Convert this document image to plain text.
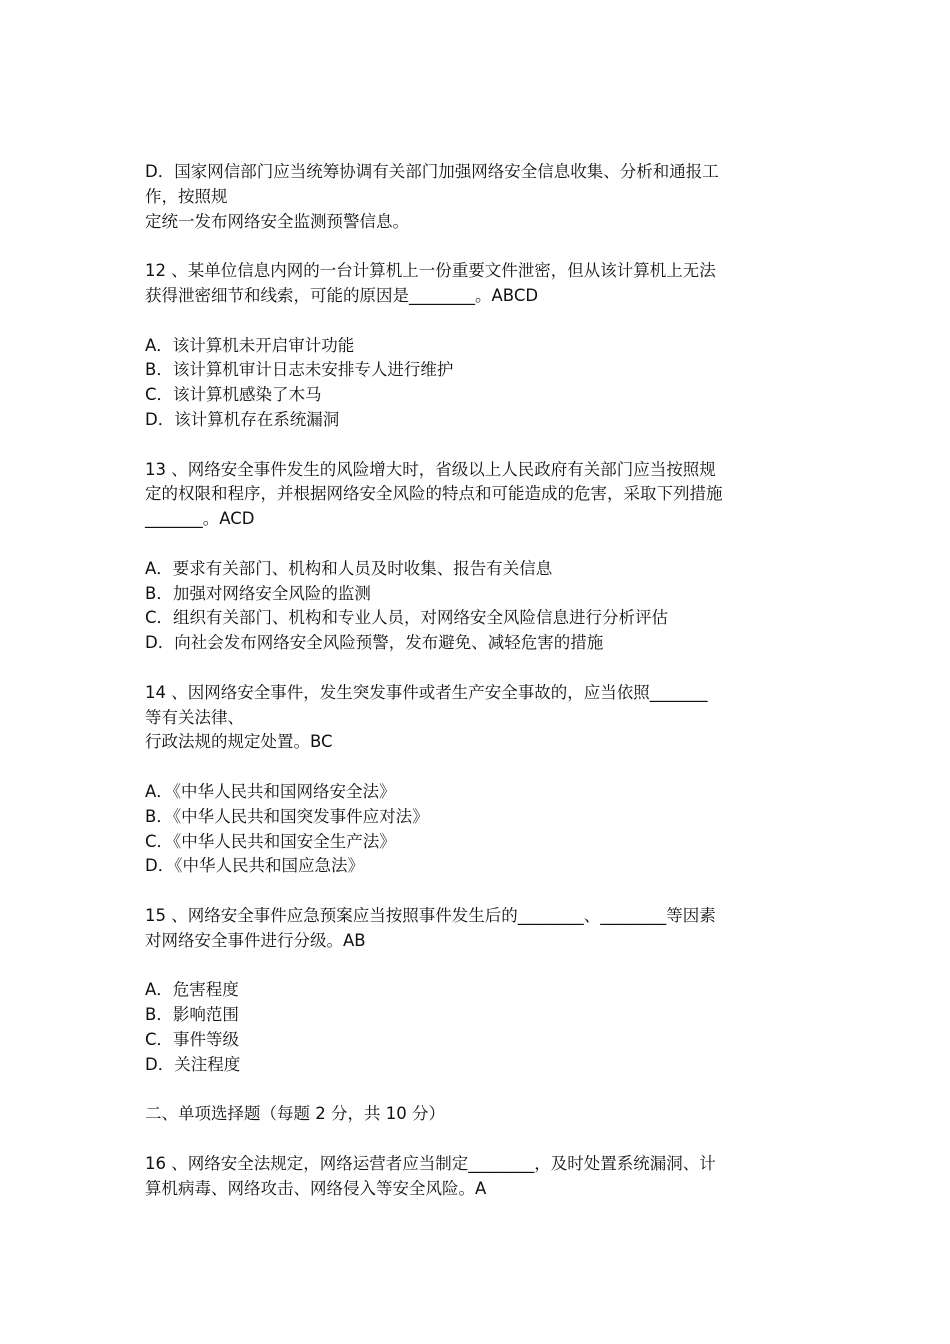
D．国家网信部门应当统筹协调有关部门加强网络安全信息收集、分析和通报工
作，按照规
定统一发布网络安全监测预警信息。
12 、某单位信息内网的一台计算机上一份重要文件泄密，但从该计算机上无法
获得泄密细节和线索，可能的原因是________。ABCD
A．该计算机未开启审计功能
B．该计算机审计日志未安排专人进行维护
C．该计算机感染了木马
D．该计算机存在系统漏洞
13 、网络安全事件发生的风险增大时，省级以上人民政府有关部门应当按照规
定的权限和程序，并根据网络安全风险的特点和可能造成的危害，采取下列措施
_______。ACD
A．要求有关部门、机构和人员及时收集、报告有关信息
B．加强对网络安全风险的监测
C．组织有关部门、机构和专业人员，对网络安全风险信息进行分析评估
D．向社会发布网络安全风险预警，发布避免、减轻危害的措施
14 、因网络安全事件，发生突发事件或者生产安全事故的，应当依照_______
等有关法律、
行政法规的规定处置。BC
A．《中华人民共和国网络安全法》
B．《中华人民共和国突发事件应对法》
C．《中华人民共和国安全生产法》
D．《中华人民共和国应急法》
15 、网络安全事件应急预案应当按照事件发生后的________、________等因素
对网络安全事件进行分级。AB
A．危害程度
B．影响范围
C．事件等级
D．关注程度
二、单项选择题（每题 2 分，共 10 分）
16 、网络安全法规定，网络运营者应当制定________，及时处置系统漏洞、计
算机病毒、网络攻击、网络侵入等安全风险。A
